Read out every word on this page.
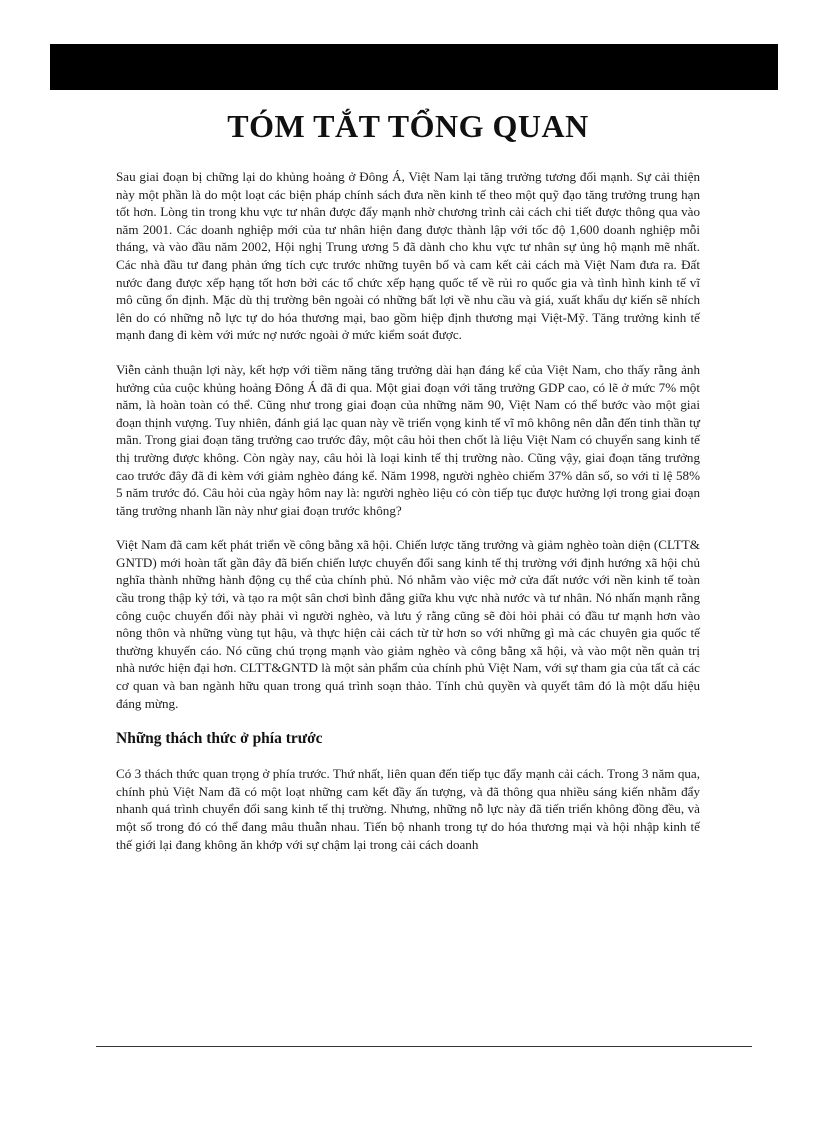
TÓM TẮT TỔNG QUAN

Sau giai đoạn bị chững lại do khủng hoảng ở Đông Á, Việt Nam lại tăng trưởng tương đối mạnh. Sự cải thiện này một phần là do một loạt các biện pháp chính sách đưa nền kinh tế theo một quỹ đạo tăng trưởng trung hạn tốt hơn. Lòng tin trong khu vực tư nhân được đẩy mạnh nhờ chương trình cải cách chi tiết được thông qua vào năm 2001. Các doanh nghiệp mới của tư nhân hiện đang được thành lập với tốc độ 1,600 doanh nghiệp mỗi tháng, và vào đầu năm 2002, Hội nghị Trung ương 5 đã dành cho khu vực tư nhân sự ủng hộ mạnh mẽ nhất. Các nhà đầu tư đang phản ứng tích cực trước những tuyên bố và cam kết cải cách mà Việt Nam đưa ra. Đất nước đang được xếp hạng tốt hơn bởi các tổ chức xếp hạng quốc tế về rủi ro quốc gia và tình hình kinh tế vĩ mô cũng ổn định. Mặc dù thị trường bên ngoài có những bất lợi về nhu cầu và giá, xuất khẩu dự kiến sẽ nhích lên do có những nỗ lực tự do hóa thương mại, bao gồm hiệp định thương mại Việt-Mỹ. Tăng trưởng kinh tế mạnh đang đi kèm với mức nợ nước ngoài ở mức kiểm soát được.

Viễn cảnh thuận lợi này, kết hợp với tiềm năng tăng trưởng dài hạn đáng kể của Việt Nam, cho thấy rằng ảnh hưởng của cuộc khủng hoảng Đông Á đã đi qua. Một giai đoạn với tăng trưởng GDP cao, có lẽ ở mức 7% một năm, là hoàn toàn có thể. Cũng như trong giai đoạn của những năm 90, Việt Nam có thể bước vào một giai đoạn thịnh vượng. Tuy nhiên, đánh giá lạc quan này về triển vọng kinh tế vĩ mô không nên dẫn đến tinh thần tự mãn. Trong giai đoạn tăng trưởng cao trước đây, một câu hỏi then chốt là liệu Việt Nam có chuyển sang kinh tế thị trường được không. Còn ngày nay, câu hỏi là loại kinh tế thị trường nào. Cũng vậy, giai đoạn tăng trưởng cao trước đây đã đi kèm với giảm nghèo đáng kể. Năm 1998, người nghèo chiếm 37% dân số, so với tỉ lệ 58% 5 năm trước đó. Câu hỏi của ngày hôm nay là: người nghèo liệu có còn tiếp tục được hưởng lợi trong giai đoạn tăng trưởng nhanh lần này như giai đoạn trước không?

Việt Nam đã cam kết phát triển về công bằng xã hội. Chiến lược tăng trưởng và giảm nghèo toàn diện (CLTT& GNTD) mới hoàn tất gần đây đã biến chiến lược chuyển đổi sang kinh tế thị trường với định hướng xã hội chủ nghĩa thành những hành động cụ thể của chính phủ. Nó nhằm vào việc mở cửa đất nước với nền kinh tế toàn cầu trong thập kỷ tới, và tạo ra một sân chơi bình đẳng giữa khu vực nhà nước và tư nhân. Nó nhấn mạnh rằng công cuộc chuyển đổi này phải vì người nghèo, và lưu ý rằng cũng sẽ đòi hỏi phải có đầu tư mạnh hơn vào nông thôn và những vùng tụt hậu, và thực hiện cải cách từ từ hơn so với những gì mà các chuyên gia quốc tế thường khuyến cáo. Nó cũng chú trọng mạnh vào giảm nghèo và công bằng xã hội, và vào một nền quản trị nhà nước hiện đại hơn. CLTT&GNTD là một sản phẩm của chính phủ Việt Nam, với sự tham gia của tất cả các cơ quan và ban ngành hữu quan trong quá trình soạn thảo. Tính chủ quyền và quyết tâm đó là một dấu hiệu đáng mừng.

Những thách thức ở phía trước

Có 3 thách thức quan trọng ở phía trước. Thứ nhất, liên quan đến tiếp tục đẩy mạnh cải cách. Trong 3 năm qua, chính phủ Việt Nam đã có một loạt những cam kết đầy ấn tượng, và đã thông qua nhiều sáng kiến nhằm đẩy nhanh quá trình chuyển đổi sang kinh tế thị trường. Nhưng, những nỗ lực này đã tiến triển không đồng đều, và một số trong đó có thể đang mâu thuẫn nhau. Tiến bộ nhanh trong tự do hóa thương mại và hội nhập kinh tế thế giới lại đang không ăn khớp với sự chậm lại trong cải cách doanh
